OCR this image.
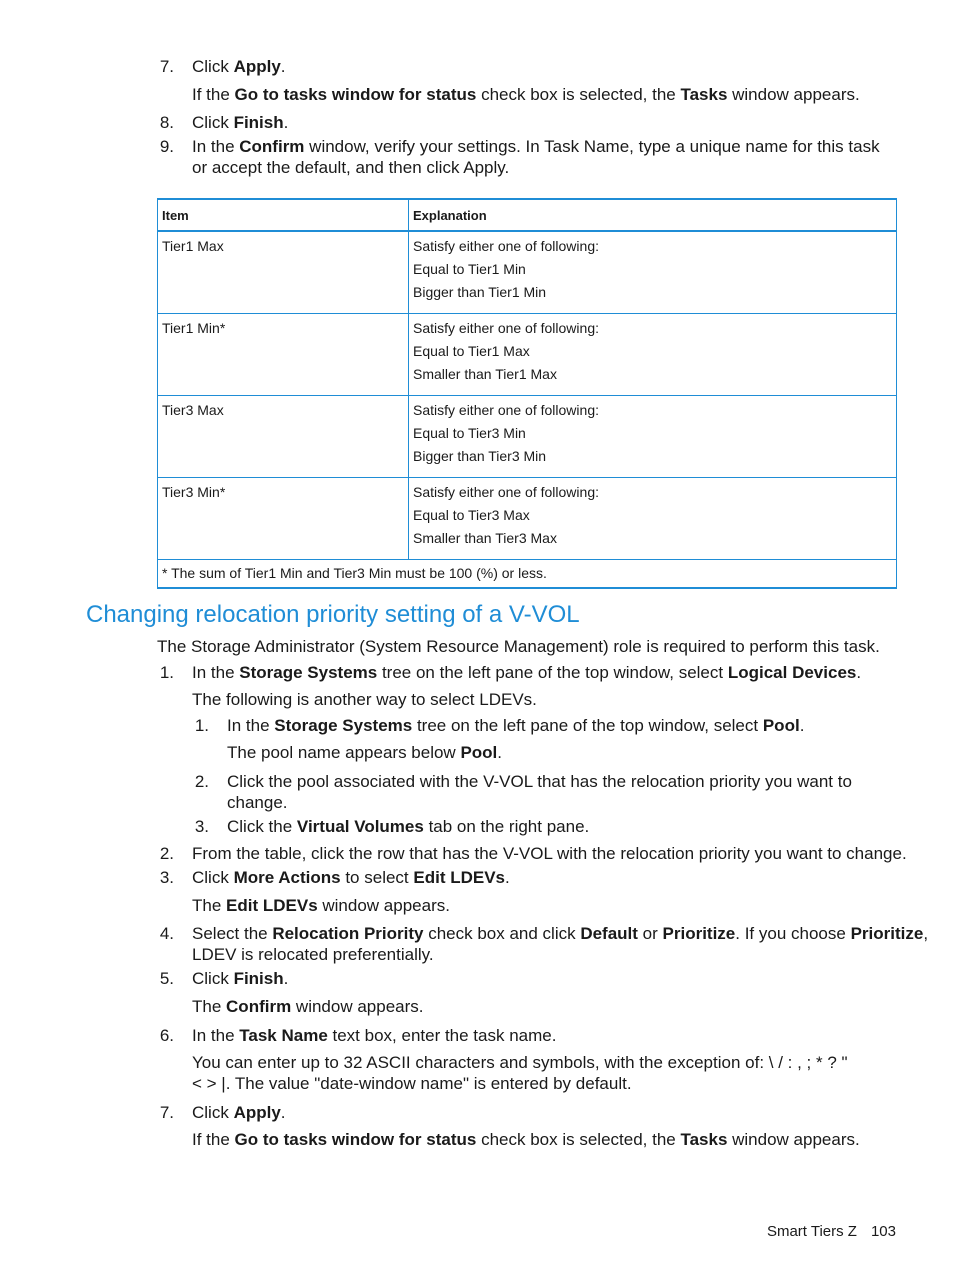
7. Click Apply.
If the Go to tasks window for status check box is selected, the Tasks window appears.
8. Click Finish.
9. In the Confirm window, verify your settings. In Task Name, type a unique name for this task
or accept the default, and then click Apply.
Item	Explanation
Tier1 Max	Satisfy either one of following:
Equal to Tier1 Min
Bigger than Tier1 Min

Tier1 Min*	Satisfy either one of following:
Equal to Tier1 Max
Smaller than Tier1 Max

Tier3 Max	Satisfy either one of following:
Equal to Tier3 Min
Bigger than Tier3 Min

Tier3 Min*	Satisfy either one of following:
Equal to Tier3 Max
Smaller than Tier3 Max

* The sum of Tier1 Min and Tier3 Min must be 100 (%) or less.	
Changing relocation priority setting of a V-VOL
The Storage Administrator (System Resource Management) role is required to perform this task.
1. In the Storage Systems tree on the left pane of the top window, select Logical Devices.
The following is another way to select LDEVs.
1. In the Storage Systems tree on the left pane of the top window, select Pool.
The pool name appears below Pool.
2. Click the pool associated with the V-VOL that has the relocation priority you want to
change.
3. Click the Virtual Volumes tab on the right pane.
2. From the table, click the row that has the V-VOL with the relocation priority you want to change.
3. Click More Actions to select Edit LDEVs.
The Edit LDEVs window appears.
4. Select the Relocation Priority check box and click Default or Prioritize. If you choose Prioritize,
LDEV is relocated preferentially.
5. Click Finish.
The Confirm window appears.
6. In the Task Name text box, enter the task name.
You can enter up to 32 ASCII characters and symbols, with the exception of: \ / : , ; * ? "
< > |. The value "date-window name" is entered by default.
7. Click Apply.
If the Go to tasks window for status check box is selected, the Tasks window appears.
Smart Tiers Z 103
